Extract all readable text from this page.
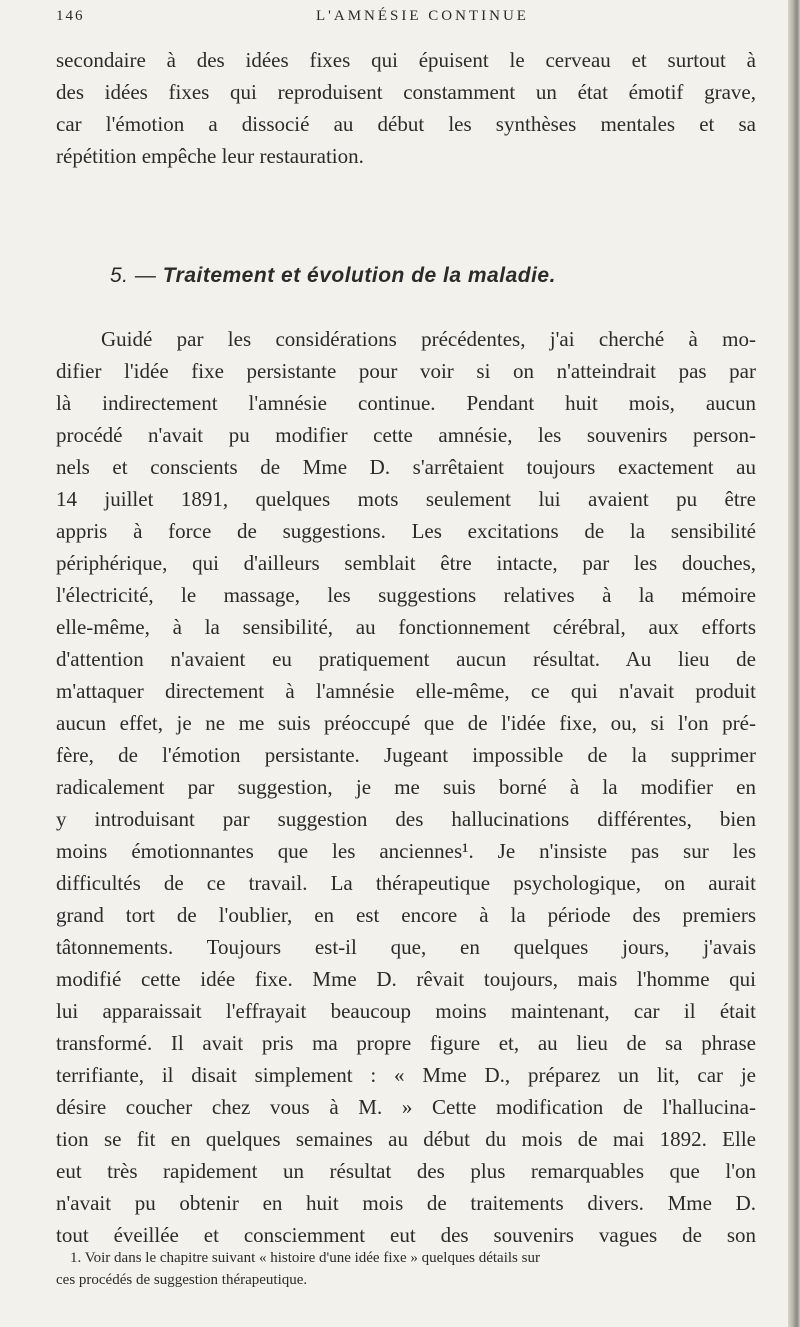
146	L'AMNÉSIE CONTINUE
secondaire à des idées fixes qui épuisent le cerveau et surtout à
des idées fixes qui reproduisent constamment un état émotif grave,
car l'émotion a dissocié au début les synthèses mentales et sa
répétition empêche leur restauration.
5. — Traitement et évolution de la maladie.
Guidé par les considérations précédentes, j'ai cherché à mo-
difier l'idée fixe persistante pour voir si on n'atteindrait pas par
là indirectement l'amnésie continue. Pendant huit mois, aucun
procédé n'avait pu modifier cette amnésie, les souvenirs person-
nels et conscients de Mme D. s'arrêtaient toujours exactement au
14 juillet 1891, quelques mots seulement lui avaient pu être
appris à force de suggestions. Les excitations de la sensibilité
périphérique, qui d'ailleurs semblait être intacte, par les douches,
l'électricité, le massage, les suggestions relatives à la mémoire
elle-même, à la sensibilité, au fonctionnement cérébral, aux efforts
d'attention n'avaient eu pratiquement aucun résultat. Au lieu de
m'attaquer directement à l'amnésie elle-même, ce qui n'avait produit
aucun effet, je ne me suis préoccupé que de l'idée fixe, ou, si l'on pré-
fère, de l'émotion persistante. Jugeant impossible de la supprimer
radicalement par suggestion, je me suis borné à la modifier en
y introduisant par suggestion des hallucinations différentes, bien
moins émotionnantes que les anciennes¹. Je n'insiste pas sur les
difficultés de ce travail. La thérapeutique psychologique, on aurait
grand tort de l'oublier, en est encore à la période des premiers
tâtonnements. Toujours est-il que, en quelques jours, j'avais
modifié cette idée fixe. Mme D. rêvait toujours, mais l'homme qui
lui apparaissait l'effrayait beaucoup moins maintenant, car il était
transformé. Il avait pris ma propre figure et, au lieu de sa phrase
terrifiante, il disait simplement : « Mme D., préparez un lit, car je
désire coucher chez vous à M. » Cette modification de l'hallucina-
tion se fit en quelques semaines au début du mois de mai 1892. Elle
eut très rapidement un résultat des plus remarquables que l'on
n'avait pu obtenir en huit mois de traitements divers. Mme D.
tout éveillée et consciemment eut des souvenirs vagues de son
1. Voir dans le chapitre suivant « histoire d'une idée fixe » quelques détails sur
ces procédés de suggestion thérapeutique.
